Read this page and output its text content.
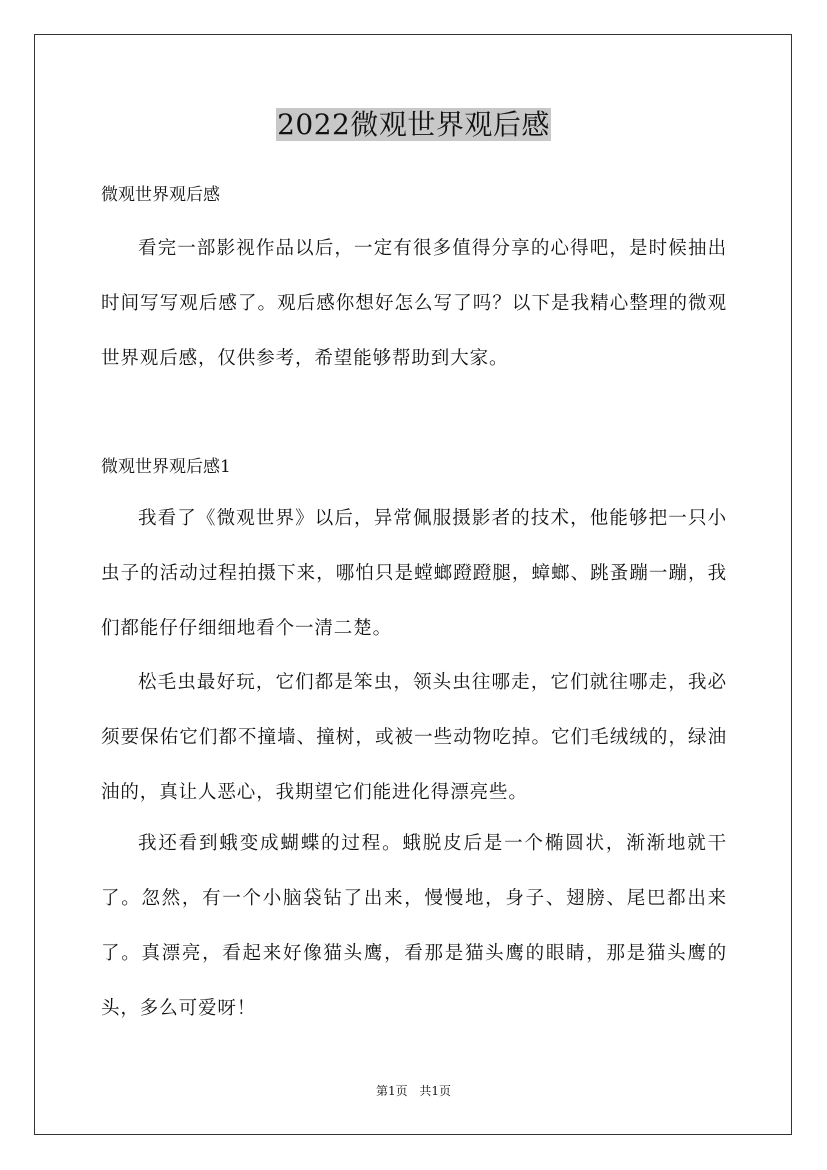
2022微观世界观后感

微观世界观后感

看完一部影视作品以后，一定有很多值得分享的心得吧，是时候抽出时间写写观后感了。观后感你想好怎么写了吗？以下是我精心整理的微观世界观后感，仅供参考，希望能够帮助到大家。

微观世界观后感1

我看了《微观世界》以后，异常佩服摄影者的技术，他能够把一只小虫子的活动过程拍摄下来，哪怕只是螳螂蹬蹬腿，蟑螂、跳蚤蹦一蹦，我们都能仔仔细细地看个一清二楚。

松毛虫最好玩，它们都是笨虫，领头虫往哪走，它们就往哪走，我必须要保佑它们都不撞墙、撞树，或被一些动物吃掉。它们毛绒绒的，绿油油的，真让人恶心，我期望它们能进化得漂亮些。

我还看到蛾变成蝴蝶的过程。蛾脱皮后是一个椭圆状，渐渐地就干了。忽然，有一个小脑袋钻了出来，慢慢地，身子、翅膀、尾巴都出来了。真漂亮，看起来好像猫头鹰，看那是猫头鹰的眼睛，那是猫头鹰的头，多么可爱呀！

第1页 共1页
